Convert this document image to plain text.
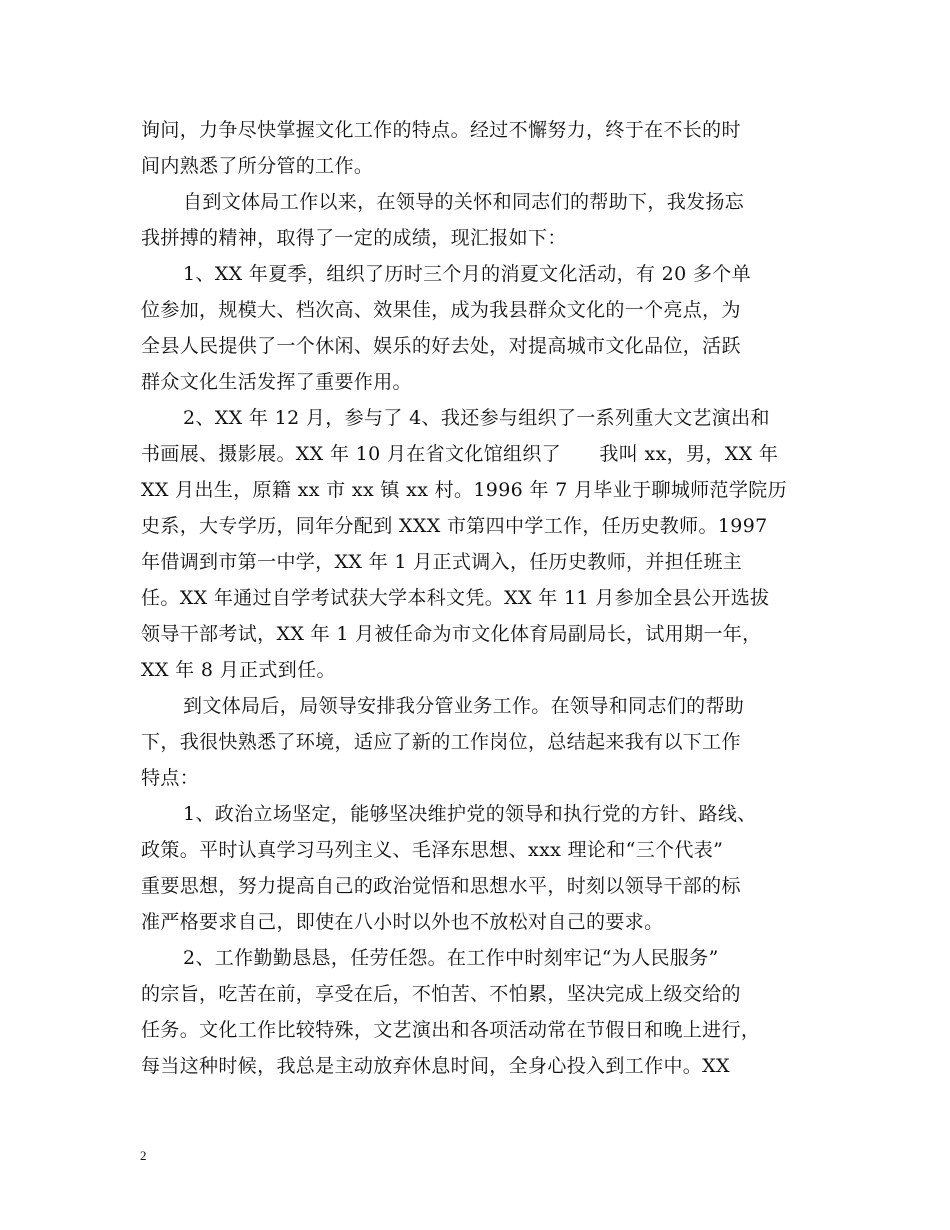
询问，力争尽快掌握文化工作的特点。经过不懈努力，终于在不长的时
间内熟悉了所分管的工作。
自到文体局工作以来，在领导的关怀和同志们的帮助下，我发扬忘
我拼搏的精神，取得了一定的成绩，现汇报如下：
1、XX 年夏季，组织了历时三个月的消夏文化活动，有 20 多个单
位参加，规模大、档次高、效果佳，成为我县群众文化的一个亮点，为
全县人民提供了一个休闲、娱乐的好去处，对提高城市文化品位，活跃
群众文化生活发挥了重要作用。
2、XX 年 12 月，参与了 4、我还参与组织了一系列重大文艺演出和
书画展、摄影展。XX 年 10 月在省文化馆组织了      我叫 xx，男，XX 年
XX 月出生，原籍 xx 市 xx 镇 xx 村。1996 年 7 月毕业于聊城师范学院历
史系，大专学历，同年分配到 XXX 市第四中学工作，任历史教师。1997
年借调到市第一中学，XX 年 1 月正式调入，任历史教师，并担任班主
任。XX 年通过自学考试获大学本科文凭。XX 年 11 月参加全县公开选拔
领导干部考试，XX 年 1 月被任命为市文化体育局副局长，试用期一年，
XX 年 8 月正式到任。
到文体局后，局领导安排我分管业务工作。在领导和同志们的帮助
下，我很快熟悉了环境，适应了新的工作岗位，总结起来我有以下工作
特点：
1、政治立场坚定，能够坚决维护党的领导和执行党的方针、路线、
政策。平时认真学习马列主义、毛泽东思想、xxx 理论和“三个代表”
重要思想，努力提高自己的政治觉悟和思想水平，时刻以领导干部的标
准严格要求自己，即使在八小时以外也不放松对自己的要求。
2、工作勤勤恳恳，任劳任怨。在工作中时刻牢记“为人民服务”
的宗旨，吃苦在前，享受在后，不怕苦、不怕累，坚决完成上级交给的
任务。文化工作比较特殊，文艺演出和各项活动常在节假日和晚上进行，
每当这种时候，我总是主动放弃休息时间，全身心投入到工作中。XX
2
